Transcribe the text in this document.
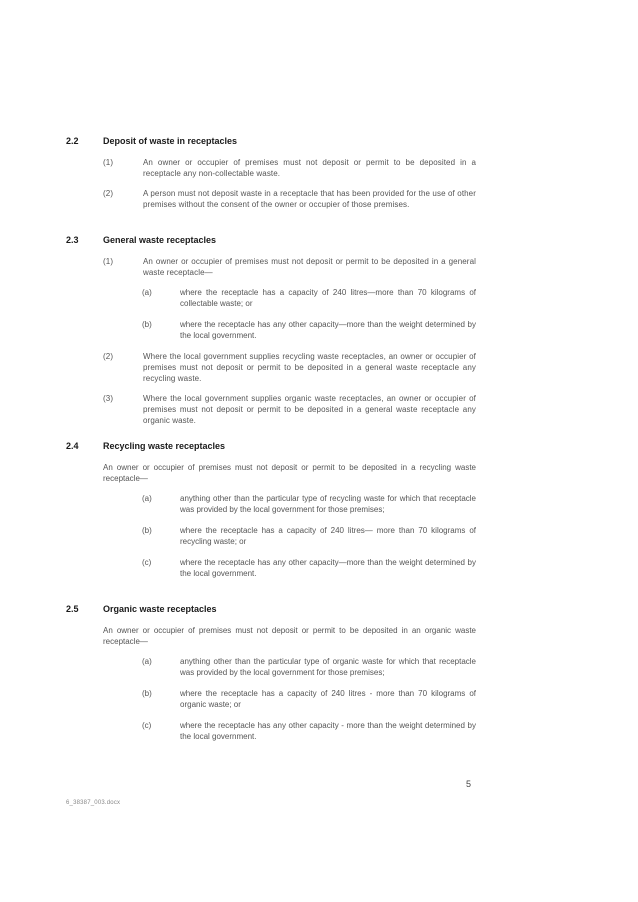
2.2	Deposit of waste in receptacles
(1)	An owner or occupier of premises must not deposit or permit to be deposited in a receptacle any non-collectable waste.
(2)	A person must not deposit waste in a receptacle that has been provided for the use of other premises without the consent of the owner or occupier of those premises.
2.3	General waste receptacles
(1)	An owner or occupier of premises must not deposit or permit to be deposited in a general waste receptacle—
(a)	where the receptacle has a capacity of 240 litres—more than 70 kilograms of collectable waste; or
(b)	where the receptacle has any other capacity—more than the weight determined by the local government.
(2)	Where the local government supplies recycling waste receptacles, an owner or occupier of premises must not deposit or permit to be deposited in a general waste receptacle any recycling waste.
(3)	Where the local government supplies organic waste receptacles, an owner or occupier of premises must not deposit or permit to be deposited in a general waste receptacle any organic waste.
2.4	Recycling waste receptacles
An owner or occupier of premises must not deposit or permit to be deposited in a recycling waste receptacle—
(a)	anything other than the particular type of recycling waste for which that receptacle was provided by the local government for those premises;
(b)	where the receptacle has a capacity of 240 litres— more than 70 kilograms of recycling waste; or
(c)	where the receptacle has any other capacity—more than the weight determined by the local government.
2.5	Organic waste receptacles
An owner or occupier of premises must not deposit or permit to be deposited in an organic waste receptacle—
(a)	anything other than the particular type of organic waste for which that receptacle was provided by the local government for those premises;
(b)	where the receptacle has a capacity of 240 litres - more than 70 kilograms of organic waste; or
(c)	where the receptacle has any other capacity - more than the weight determined by the local government.
5
6_38387_003.docx
